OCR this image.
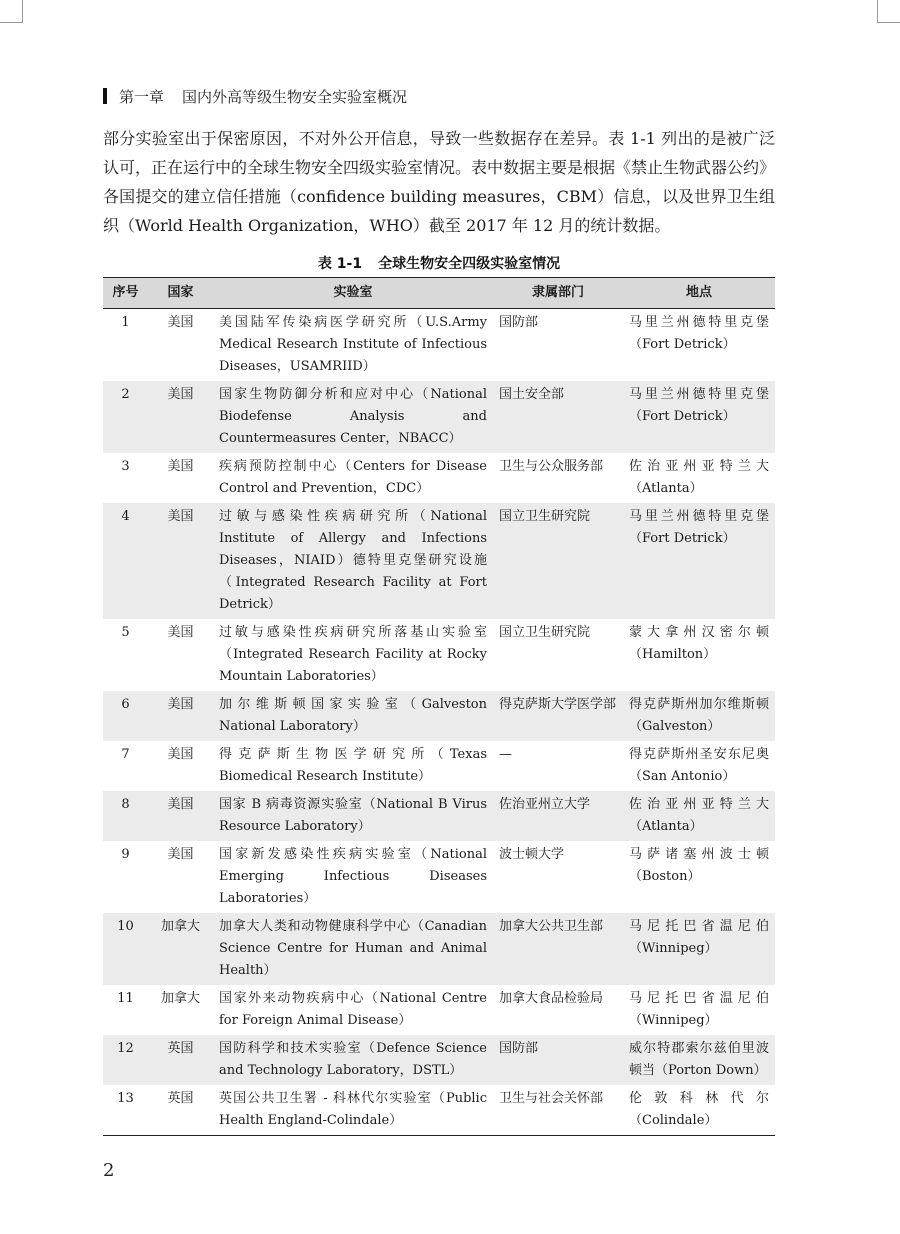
第一章 国内外高等级生物安全实验室概况

部分实验室出于保密原因，不对外公开信息，导致一些数据存在差异。表 1-1 列出的是被广泛认可，正在运行中的全球生物安全四级实验室情况。表中数据主要是根据《禁止生物武器公约》各国提交的建立信任措施（confidence building measures，CBM）信息，以及世界卫生组织（World Health Organization，WHO）截至 2017 年 12 月的统计数据。

表 1-1 全球生物安全四级实验室情况
序号	国家	实验室	隶属部门	地点
1	美国	美国陆军传染病医学研究所（U.S.Army Medical Research Institute of Infectious Diseases，USAMRIID）	国防部	马里兰州德特里克堡（Fort Detrick）
2	美国	国家生物防御分析和应对中心（National Biodefense Analysis and Countermeasures Center，NBACC）	国土安全部	马里兰州德特里克堡（Fort Detrick）
3	美国	疾病预防控制中心（Centers for Disease Control and Prevention，CDC）	卫生与公众服务部	佐治亚州亚特兰大（Atlanta）
4	美国	过敏与感染性疾病研究所（National Institute of Allergy and Infections Diseases，NIAID）德特里克堡研究设施（Integrated Research Facility at Fort Detrick）	国立卫生研究院	马里兰州德特里克堡（Fort Detrick）
5	美国	过敏与感染性疾病研究所落基山实验室（Integrated Research Facility at Rocky Mountain Laboratories）	国立卫生研究院	蒙大拿州汉密尔顿（Hamilton）
6	美国	加尔维斯顿国家实验室（Galveston National Laboratory）	得克萨斯大学医学部	得克萨斯州加尔维斯顿（Galveston）
7	美国	得克萨斯生物医学研究所（Texas Biomedical Research Institute）	—	得克萨斯州圣安东尼奥（San Antonio）
8	美国	国家 B 病毒资源实验室（National B Virus Resource Laboratory）	佐治亚州立大学	佐治亚州亚特兰大（Atlanta）
9	美国	国家新发感染性疾病实验室（National Emerging Infectious Diseases Laboratories）	波士顿大学	马萨诸塞州波士顿（Boston）
10	加拿大	加拿大人类和动物健康科学中心（Canadian Science Centre for Human and Animal Health）	加拿大公共卫生部	马尼托巴省温尼伯（Winnipeg）
11	加拿大	国家外来动物疾病中心（National Centre for Foreign Animal Disease）	加拿大食品检验局	马尼托巴省温尼伯（Winnipeg）
12	英国	国防科学和技术实验室（Defence Science and Technology Laboratory，DSTL）	国防部	威尔特郡索尔兹伯里波顿当（Porton Down）
13	英国	英国公共卫生署 - 科林代尔实验室（Public Health England-Colindale）	卫生与社会关怀部	伦敦科林代尔（Colindale）
2
